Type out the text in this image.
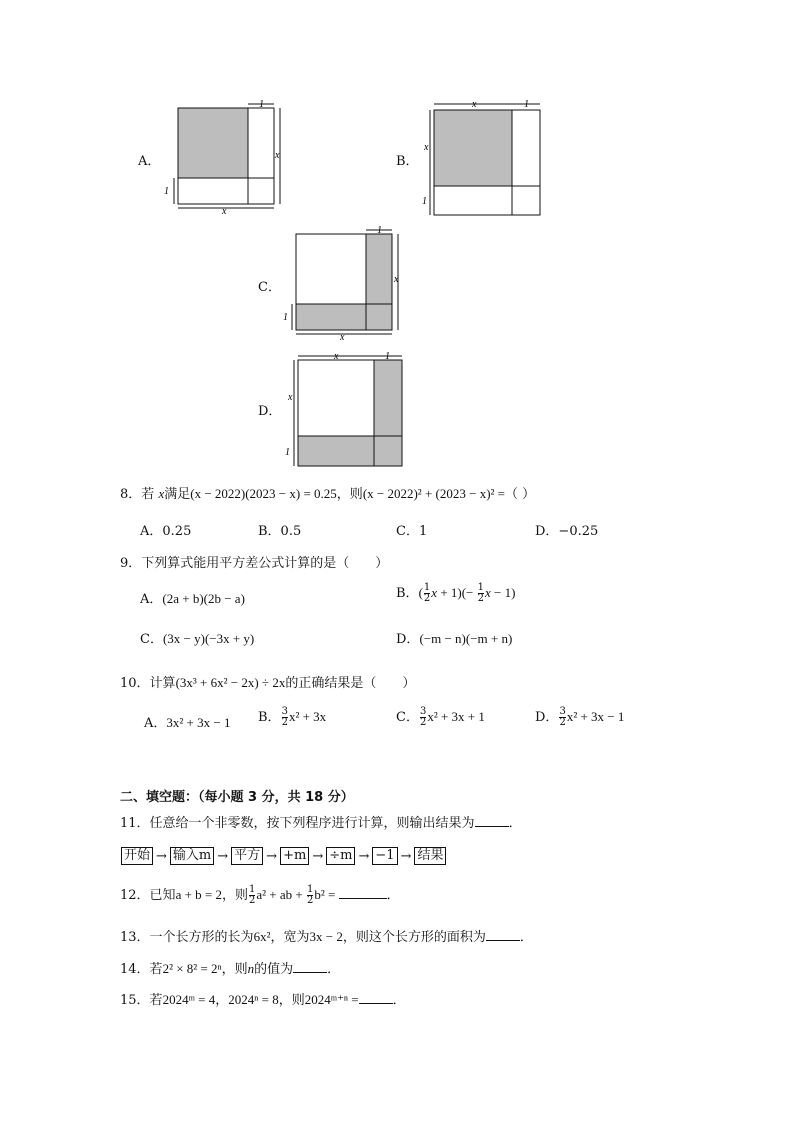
A．
1
x
x
1
B．
x	1
x
1
C．
1
x
x
1
D．
x	1
x
1
8．若 x满足(x − 2022)(2023 − x) = 0.25，则(x − 2022)² + (2023 − x)² =（ ）
A．0.25	B．0.5	C．1	D．−0.25
9．下列算式能用平方差公式计算的是（　　）
A．(2a + b)(2b − a)	B．( $\frac{1}{2}$ $x + 1)(- \frac{1}{2}$ x − 1)
C．(3x − y)(−3x + y)	D．(−m − n)(−m + n)
10．计算(3x³ + 6x² − 2x) ÷ 2x的正确结果是（　　）
A．3x² + 3x − 1 B． $\frac{3}{2} x^2 + 3x$	C． $\frac{3}{2} x^2 + 3x + 1$	D． $\frac{3}{2} x^2 + 3x - 1$
二、填空题：（每小题 3 分，共 18 分）
11．任意给一个非零数，按下列程序进行计算，则输出结果为	．
开始 → 输入m → 平方 → +m → ÷m → −1 → 结果
12．已知a + b = 2，则 $\frac{1}{2} a^2$ + ab + $\frac{1}{2} b^2$ =	．
13．一个长方形的长为6x²，宽为3x − 2，则这个长方形的面积为	．
14．若2² × 8² = 2ⁿ，则n的值为	．
15．若2024ᵐ = 4，2024ⁿ = 8，则2024ᵐ⁺ⁿ =	．
